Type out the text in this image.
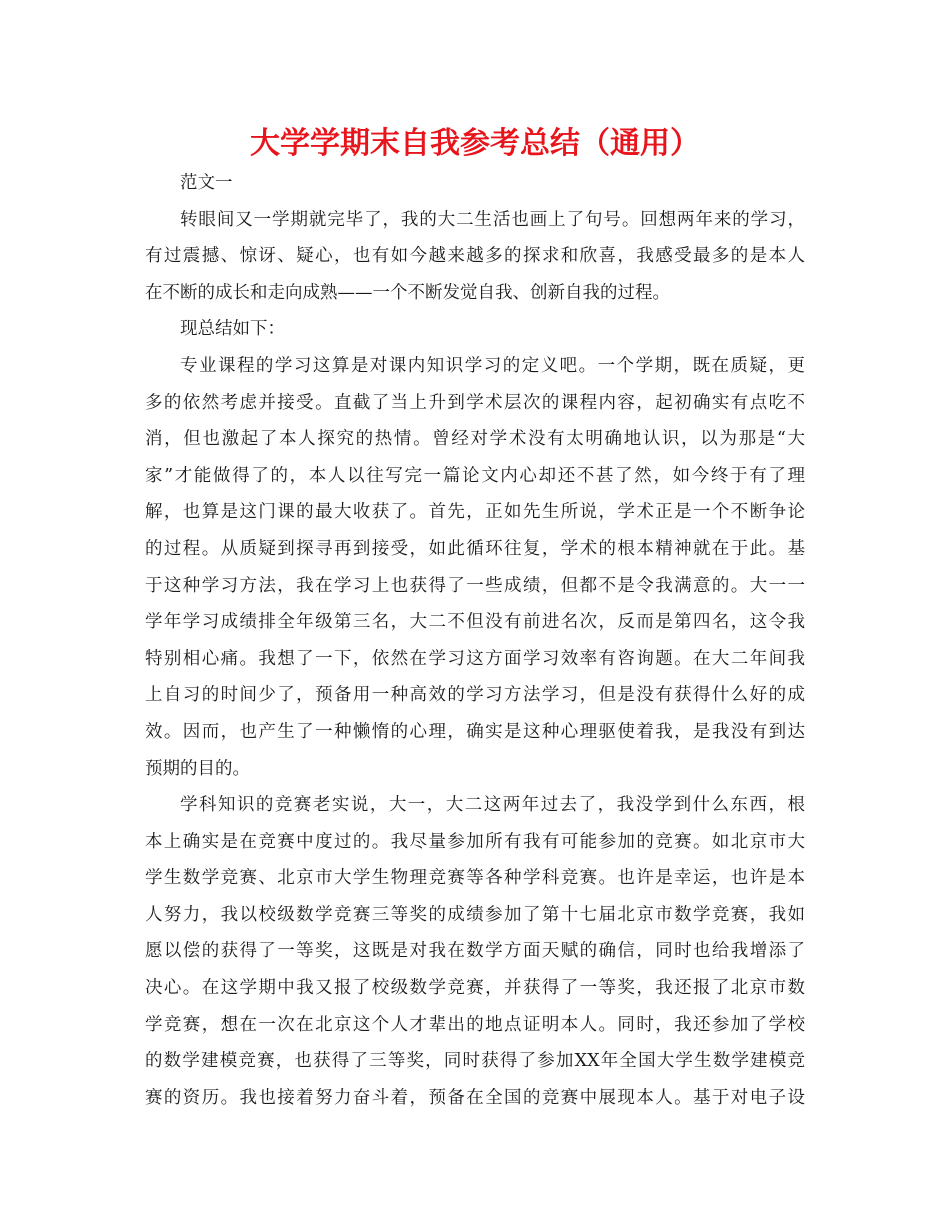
大学学期末自我参考总结（通用）
范文一
转眼间又一学期就完毕了，我的大二生活也画上了句号。回想两年来的学习，
有过震撼、惊讶、疑心，也有如今越来越多的探求和欣喜，我感受最多的是本人
在不断的成长和走向成熟——一个不断发觉自我、创新自我的过程。
现总结如下：
专业课程的学习这算是对课内知识学习的定义吧。一个学期，既在质疑，更
多的依然考虑并接受。直截了当上升到学术层次的课程内容，起初确实有点吃不
消，但也激起了本人探究的热情。曾经对学术没有太明确地认识，以为那是“大
家”才能做得了的，本人以往写完一篇论文内心却还不甚了然，如今终于有了理
解，也算是这门课的最大收获了。首先，正如先生所说，学术正是一个不断争论
的过程。从质疑到探寻再到接受，如此循环往复，学术的根本精神就在于此。基
于这种学习方法，我在学习上也获得了一些成绩，但都不是令我满意的。大一一
学年学习成绩排全年级第三名，大二不但没有前进名次，反而是第四名，这令我
特别相心痛。我想了一下，依然在学习这方面学习效率有咨询题。在大二年间我
上自习的时间少了，预备用一种高效的学习方法学习，但是没有获得什么好的成
效。因而，也产生了一种懒惰的心理，确实是这种心理驱使着我，是我没有到达
预期的目的。
学科知识的竞赛老实说，大一，大二这两年过去了，我没学到什么东西，根
本上确实是在竞赛中度过的。我尽量参加所有我有可能参加的竞赛。如北京市大
学生数学竞赛、北京市大学生物理竞赛等各种学科竞赛。也许是幸运，也许是本
人努力，我以校级数学竞赛三等奖的成绩参加了第十七届北京市数学竞赛，我如
愿以偿的获得了一等奖，这既是对我在数学方面天赋的确信，同时也给我增添了
决心。在这学期中我又报了校级数学竞赛，并获得了一等奖，我还报了北京市数
学竞赛，想在一次在北京这个人才辈出的地点证明本人。同时，我还参加了学校
的数学建模竞赛，也获得了三等奖，同时获得了参加XX年全国大学生数学建模竞
赛的资历。我也接着努力奋斗着，预备在全国的竞赛中展现本人。基于对电子设
